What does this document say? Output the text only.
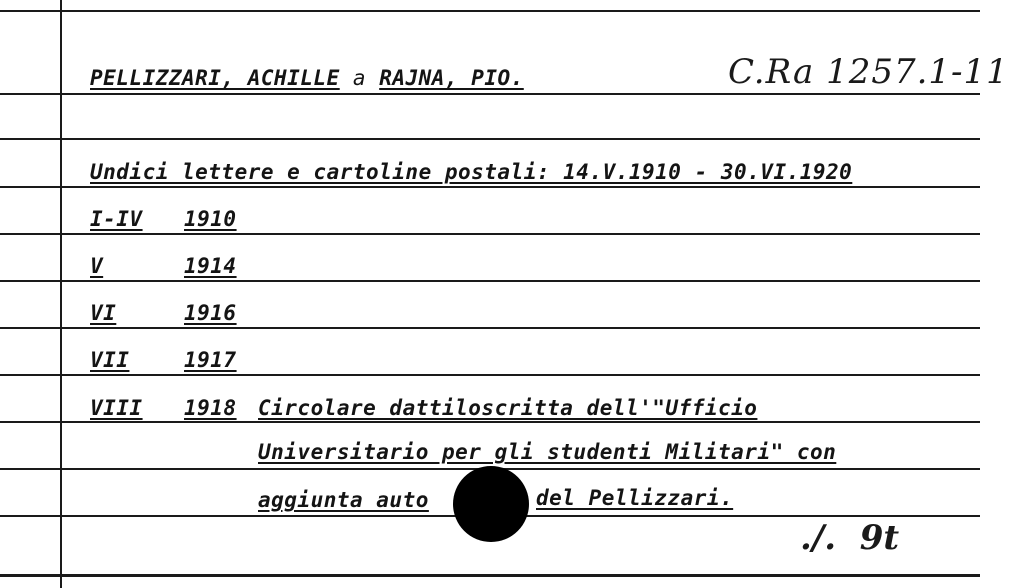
PELLIZZARI, ACHILLE a RAJNA, PIO.	C.Ra 1257.1-11
Undici lettere e cartoline postali: 14.V.1910 - 30.VI.1920
I-IV 1910
V	1914
VI	1916
VII	1917
VIII 1918 Circolare dattiloscritta dell'"Ufficio
Universitario per gli studenti Militari" con
aggiunta auto	del Pellizzari.
./.  9t
